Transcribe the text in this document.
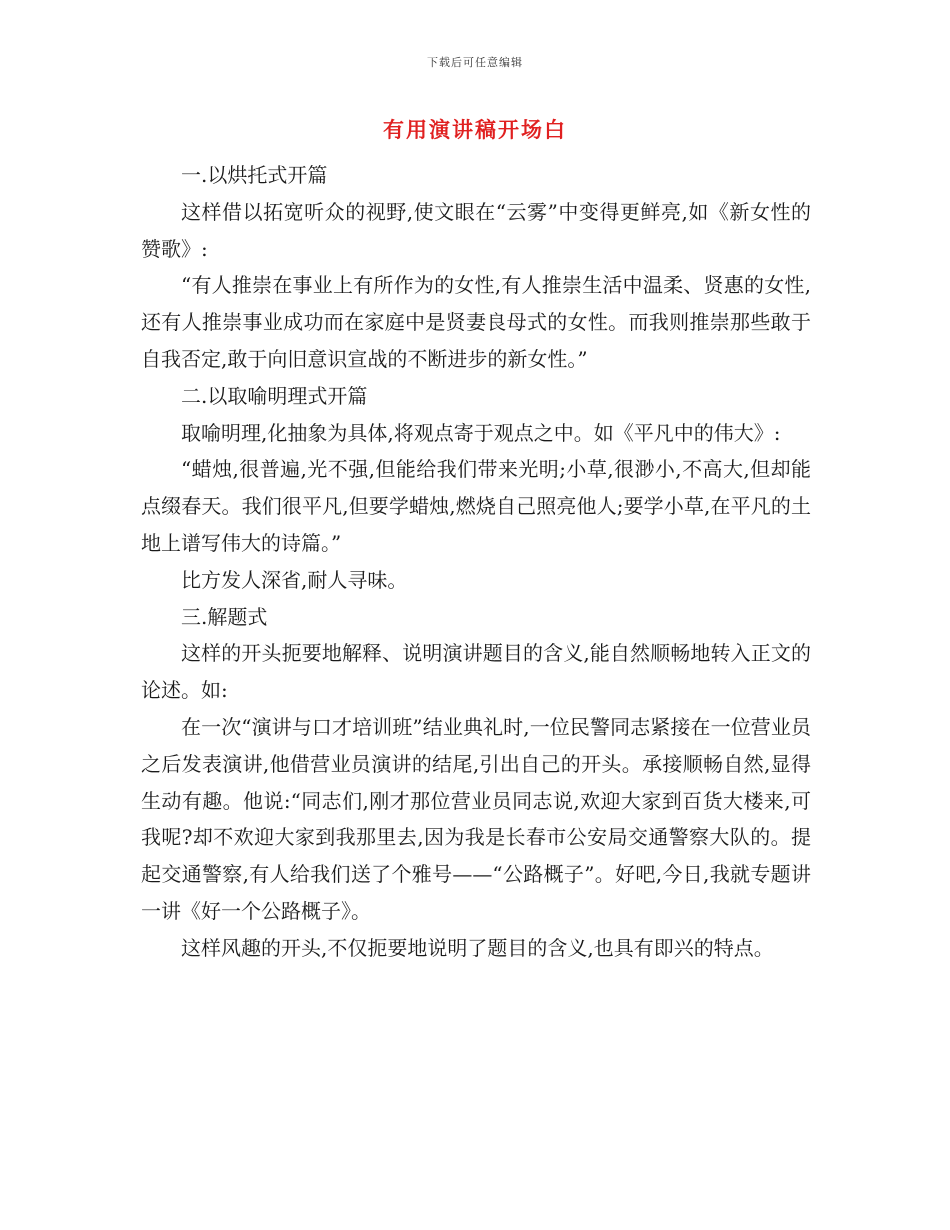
下载后可任意编辑
有用演讲稿开场白

一.以烘托式开篇

这样借以拓宽听众的视野,使文眼在“云雾”中变得更鲜亮,如《新女性的赞歌》:

“有人推崇在事业上有所作为的女性,有人推崇生活中温柔、贤惠的女性,还有人推崇事业成功而在家庭中是贤妻良母式的女性。而我则推崇那些敢于自我否定,敢于向旧意识宣战的不断进步的新女性。”

二.以取喻明理式开篇

取喻明理,化抽象为具体,将观点寄于观点之中。如《平凡中的伟大》:

“蜡烛,很普遍,光不强,但能给我们带来光明;小草,很渺小,不高大,但却能点缀春天。我们很平凡,但要学蜡烛,燃烧自己照亮他人;要学小草,在平凡的土地上谱写伟大的诗篇。”

比方发人深省,耐人寻味。

三.解题式

这样的开头扼要地解释、说明演讲题目的含义,能自然顺畅地转入正文的论述。如:

在一次“演讲与口才培训班”结业典礼时,一位民警同志紧接在一位营业员之后发表演讲,他借营业员演讲的结尾,引出自己的开头。承接顺畅自然,显得生动有趣。他说:“同志们,刚才那位营业员同志说,欢迎大家到百货大楼来,可我呢?却不欢迎大家到我那里去,因为我是长春市公安局交通警察大队的。提起交通警察,有人给我们送了个雅号——“公路概子”。好吧,今日,我就专题讲一讲《好一个公路概子》。

这样风趣的开头,不仅扼要地说明了题目的含义,也具有即兴的特点。
